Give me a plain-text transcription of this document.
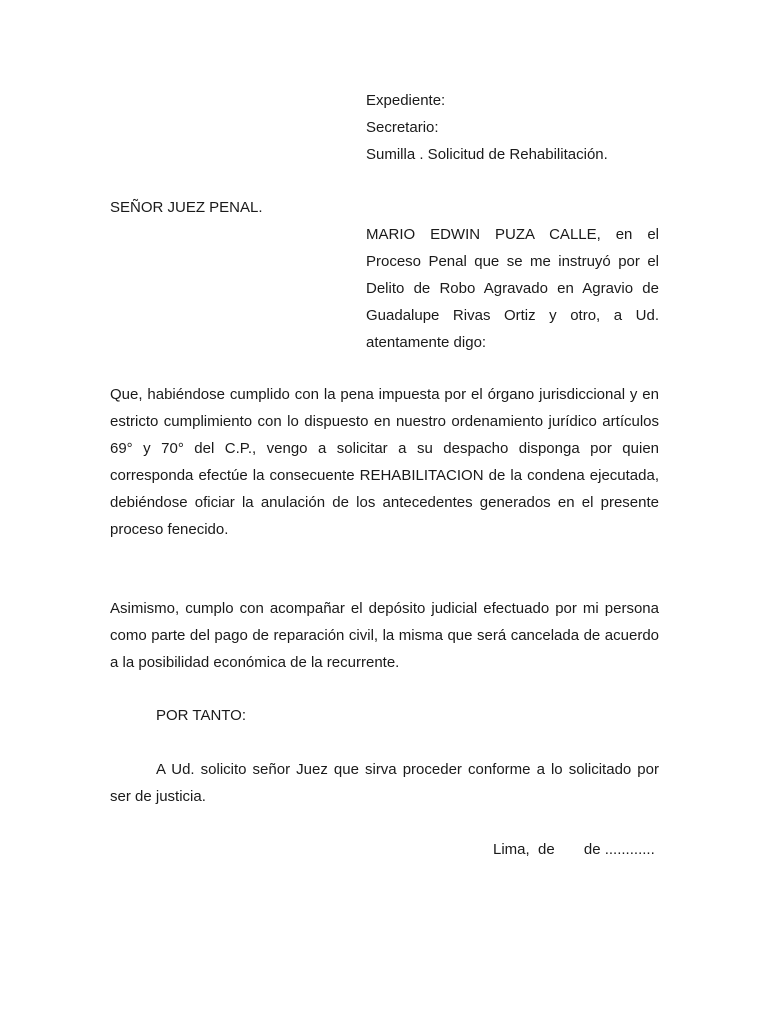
Expediente:
Secretario:
Sumilla . Solicitud de Rehabilitación.

SEÑOR JUEZ PENAL.

MARIO EDWIN PUZA CALLE, en el Proceso Penal que se me instruyó por el Delito de Robo Agravado en Agravio de Guadalupe Rivas Ortiz y otro, a Ud. atentamente digo:

Que, habiéndose cumplido con la pena impuesta por el órgano jurisdiccional y en estricto cumplimiento con lo dispuesto en nuestro ordenamiento jurídico artículos 69° y 70° del C.P., vengo a solicitar a su despacho disponga por quien corresponda efectúe la consecuente REHABILITACION de la condena ejecutada, debiéndose oficiar la anulación de los antecedentes generados en el presente proceso fenecido.

Asimismo, cumplo con acompañar el depósito judicial efectuado por mi persona como parte del pago de reparación civil, la misma que será cancelada de acuerdo a la posibilidad económica de la recurrente.

POR TANTO:

A Ud. solicito señor Juez que sirva proceder conforme a lo solicitado por ser de justicia.

Lima,  de       de ............
